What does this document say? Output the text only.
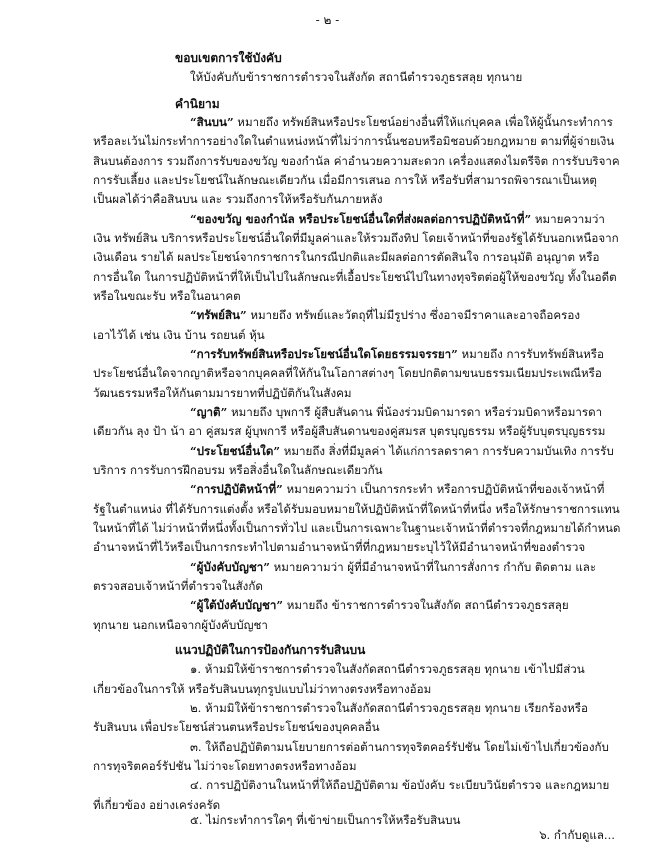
- ๒ -
ขอบเขตการใช้บังคับ
ให้บังคับกับข้าราชการตำรวจในสังกัด สถานีตำรวจภูธรสลุย ทุกนาย
คำนิยาม
“สินบน” หมายถึง ทรัพย์สินหรือประโยชน์อย่างอื่นที่ให้แก่บุคคล เพื่อให้ผู้นั้นกระทำการ
หรือละเว้นไม่กระทำการอย่างใดในตำแหน่งหน้าที่ไม่ว่าการนั้นชอบหรือมิชอบด้วยกฎหมาย ตามที่ผู้จ่ายเงิน
สินบนต้องการ รวมถึงการรับของขวัญ ของกำนัล ค่าอำนวยความสะดวก เครื่องแสดงไมตรีจิต การรับบริจาค
การรับเลี้ยง และประโยชน์ในลักษณะเดียวกัน เมื่อมีการเสนอ การให้ หรือรับที่สามารถพิจารณาเป็นเหตุ
เป็นผลได้ว่าคือสินบน และ รวมถึงการให้หรือรับกันภายหลัง
“ของขวัญ ของกำนัล หรือประโยชน์อื่นใดที่ส่งผลต่อการปฏิบัติหน้าที่” หมายความว่า
เงิน ทรัพย์สิน บริการหรือประโยชน์อื่นใดที่มีมูลค่าและให้รวมถึงทิป โดยเจ้าหน้าที่ของรัฐได้รับนอกเหนือจาก
เงินเดือน รายได้ ผลประโยชน์จากราชการในกรณีปกติและมีผลต่อการตัดสินใจ การอนุมัติ อนุญาต หรือ
การอื่นใด ในการปฏิบัติหน้าที่ให้เป็นไปในลักษณะที่เอื้อประโยชน์ไปในทางทุจริตต่อผู้ให้ของขวัญ ทั้งในอดีต
หรือในขณะรับ หรือในอนาคต
“ทรัพย์สิน” หมายถึง ทรัพย์และวัตถุที่ไม่มีรูปร่าง ซึ่งอาจมีราคาและอาจถือครอง
เอาไว้ได้ เช่น เงิน บ้าน รถยนต์ หุ้น
“การรับทรัพย์สินหรือประโยชน์อื่นใดโดยธรรมจรรยา” หมายถึง การรับทรัพย์สินหรือ
ประโยชน์อื่นใดจากญาติหรือจากบุคคลที่ให้กันในโอกาสต่างๆ โดยปกติตามขนบธรรมเนียมประเพณีหรือ
วัฒนธรรมหรือให้กันตามมารยาทที่ปฏิบัติกันในสังคม
“ญาติ” หมายถึง บุพการี ผู้สืบสันดาน พี่น้องร่วมบิดามารดา หรือร่วมบิดาหรือมารดา
เดียวกัน ลุง ป้า น้า อา คู่สมรส ผู้บุพการี หรือผู้สืบสันดานของคู่สมรส บุตรบุญธรรม หรือผู้รับบุตรบุญธรรม
“ประโยชน์อื่นใด” หมายถึง สิ่งที่มีมูลค่า ได้แก่การลดราคา การรับความบันเทิง การรับ
บริการ การรับการฝึกอบรม หรือสิ่งอื่นใดในลักษณะเดียวกัน
“การปฏิบัติหน้าที่” หมายความว่า เป็นการกระทำ หรือการปฏิบัติหน้าที่ของเจ้าหน้าที่
รัฐในตำแหน่ง ที่ได้รับการแต่งตั้ง หรือได้รับมอบหมายให้ปฏิบัติหน้าที่ใดหน้าที่หนึ่ง หรือให้รักษาราชการแทน
ในหน้าที่ได้ ไม่ว่าหน้าที่หนึ่งทั้งเป็นการทั่วไป และเป็นการเฉพาะในฐานะเจ้าหน้าที่ตำรวจที่กฎหมายได้กำหนด
อำนาจหน้าที่ไว้หรือเป็นการกระทำไปตามอำนาจหน้าที่ที่กฎหมายระบุไว้ให้มีอำนาจหน้าที่ของตำรวจ
“ผู้บังคับบัญชา” หมายความว่า ผู้ที่มีอำนาจหน้าที่ในการสั่งการ กำกับ ติดตาม และ
ตรวจสอบเจ้าหน้าที่ตำรวจในสังกัด
“ผู้ใต้บังคับบัญชา” หมายถึง ข้าราชการตำรวจในสังกัด สถานีตำรวจภูธรสลุย
ทุกนาย นอกเหนือจากผู้บังคับบัญชา
แนวปฏิบัติในการป้องกันการรับสินบน
๑. ห้ามมิให้ข้าราชการตำรวจในสังกัดสถานีตำรวจภูธรสลุย ทุกนาย เข้าไปมีส่วน
เกี่ยวข้องในการให้ หรือรับสินบนทุกรูปแบบไม่ว่าทางตรงหรือทางอ้อม
๒. ห้ามมิให้ข้าราชการตำรวจในสังกัดสถานีตำรวจภูธรสลุย ทุกนาย เรียกร้องหรือ
รับสินบน เพื่อประโยชน์ส่วนตนหรือประโยชน์ของบุคคลอื่น
๓. ให้ถือปฏิบัติตามนโยบายการต่อต้านการทุจริตคอร์รัปชัน โดยไม่เข้าไปเกี่ยวข้องกับ
การทุจริตคอร์รัปชัน ไม่ว่าจะโดยทางตรงหรือทางอ้อม
๔. การปฏิบัติงานในหน้าที่ให้ถือปฏิบัติตาม ข้อบังคับ ระเบียบวินัยตำรวจ และกฎหมาย
ที่เกี่ยวข้อง อย่างเคร่งครัด
๕. ไม่กระทำการใดๆ ที่เข้าข่ายเป็นการให้หรือรับสินบน
๖. กำกับดูแล...
